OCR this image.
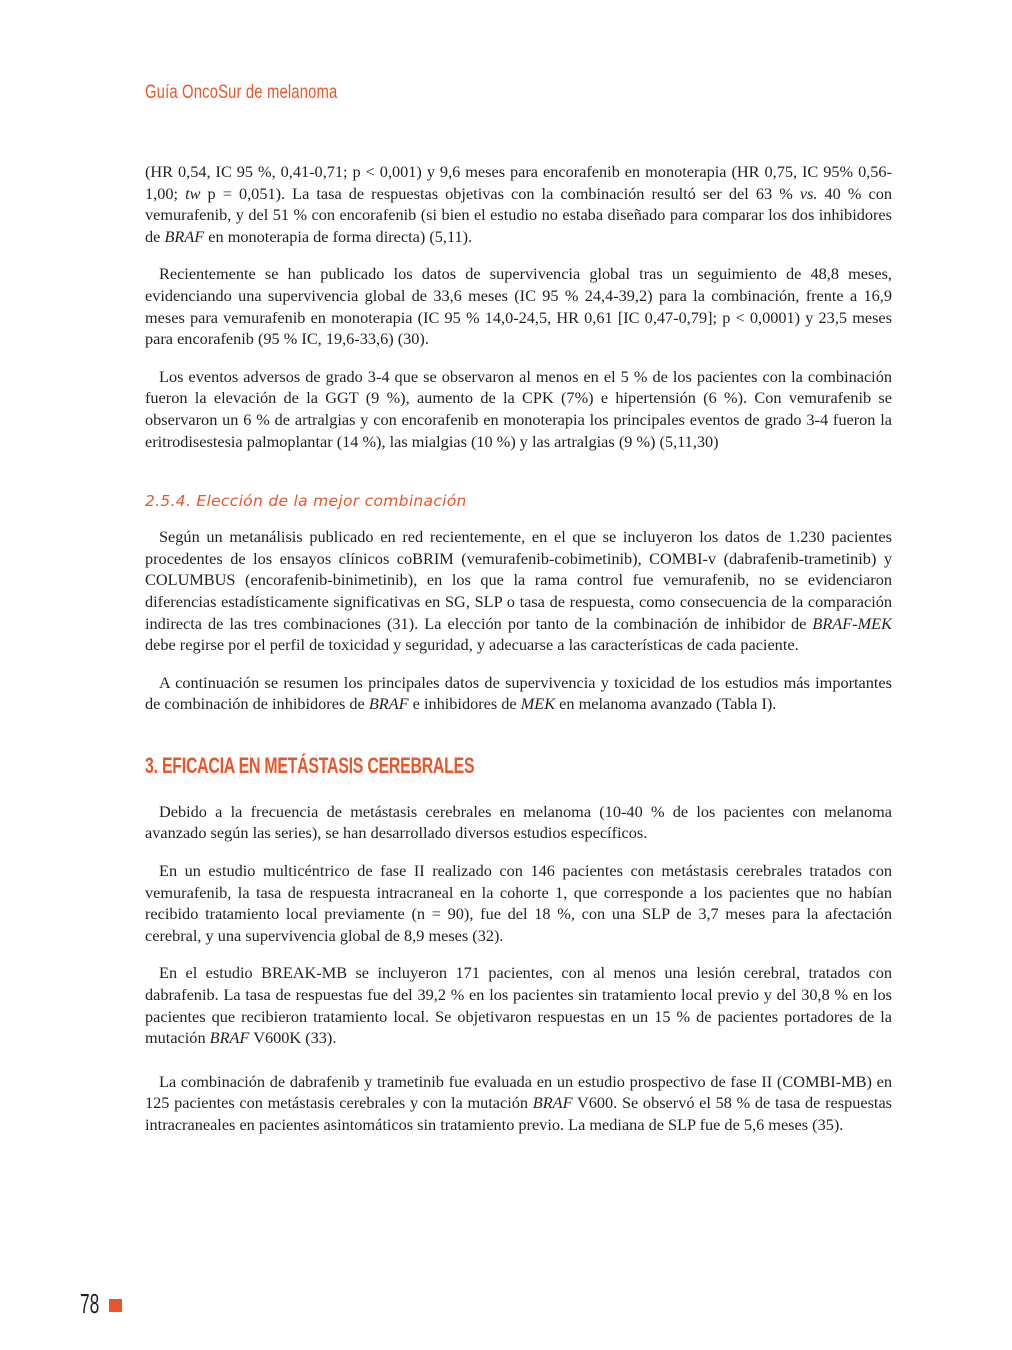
Guía OncoSur de melanoma

(HR 0,54, IC 95 %, 0,41-0,71; p < 0,001) y 9,6 meses para encorafenib en monoterapia (HR 0,75, IC 95% 0,56-1,00; tw p = 0,051). La tasa de respuestas objetivas con la combinación resultó ser del 63 % vs. 40 % con vemurafenib, y del 51 % con encorafenib (si bien el estudio no estaba diseñado para comparar los dos inhibidores de BRAF en monoterapia de forma directa) (5,11).

Recientemente se han publicado los datos de supervivencia global tras un seguimiento de 48,8 meses, evidenciando una supervivencia global de 33,6 meses (IC 95 % 24,4-39,2) para la combinación, frente a 16,9 meses para vemurafenib en monoterapia (IC 95 % 14,0-24,5, HR 0,61 [IC 0,47-0,79]; p < 0,0001) y 23,5 meses para encorafenib (95 % IC, 19,6-33,6) (30).

Los eventos adversos de grado 3-4 que se observaron al menos en el 5 % de los pacientes con la combinación fueron la elevación de la GGT (9 %), aumento de la CPK (7%) e hipertensión (6 %). Con vemurafenib se observaron un 6 % de artralgias y con encorafenib en monoterapia los principales eventos de grado 3-4 fueron la eritrodisestesia palmoplantar (14 %), las mialgias (10 %) y las artralgias (9 %) (5,11,30)

2.5.4. Elección de la mejor combinación

Según un metanálisis publicado en red recientemente, en el que se incluyeron los datos de 1.230 pacientes procedentes de los ensayos clínicos coBRIM (vemurafenib-cobimetinib), COMBI-v (dabrafenib-trametinib) y COLUMBUS (encorafenib-binimetinib), en los que la rama control fue vemurafenib, no se evidenciaron diferencias estadísticamente significativas en SG, SLP o tasa de respuesta, como consecuencia de la comparación indirecta de las tres combinaciones (31). La elección por tanto de la combinación de inhibidor de BRAF-MEK debe regirse por el perfil de toxicidad y seguridad, y adecuarse a las características de cada paciente.

A continuación se resumen los principales datos de supervivencia y toxicidad de los estudios más importantes de combinación de inhibidores de BRAF e inhibidores de MEK en melanoma avanzado (Tabla I).

3. EFICACIA EN METÁSTASIS CEREBRALES

Debido a la frecuencia de metástasis cerebrales en melanoma (10-40 % de los pacientes con melanoma avanzado según las series), se han desarrollado diversos estudios específicos.

En un estudio multicéntrico de fase II realizado con 146 pacientes con metástasis cerebrales tratados con vemurafenib, la tasa de respuesta intracraneal en la cohorte 1, que corresponde a los pacientes que no habían recibido tratamiento local previamente (n = 90), fue del 18 %, con una SLP de 3,7 meses para la afectación cerebral, y una supervivencia global de 8,9 meses (32).

En el estudio BREAK-MB se incluyeron 171 pacientes, con al menos una lesión cerebral, tratados con dabrafenib. La tasa de respuestas fue del 39,2 % en los pacientes sin tratamiento local previo y del 30,8 % en los pacientes que recibieron tratamiento local. Se objetivaron respuestas en un 15 % de pacientes portadores de la mutación BRAF V600K (33).

La combinación de dabrafenib y trametinib fue evaluada en un estudio prospectivo de fase II (COMBI-MB) en 125 pacientes con metástasis cerebrales y con la mutación BRAF V600. Se observó el 58 % de tasa de respuestas intracraneales en pacientes asintomáticos sin tratamiento previo. La mediana de SLP fue de 5,6 meses (35).

78
